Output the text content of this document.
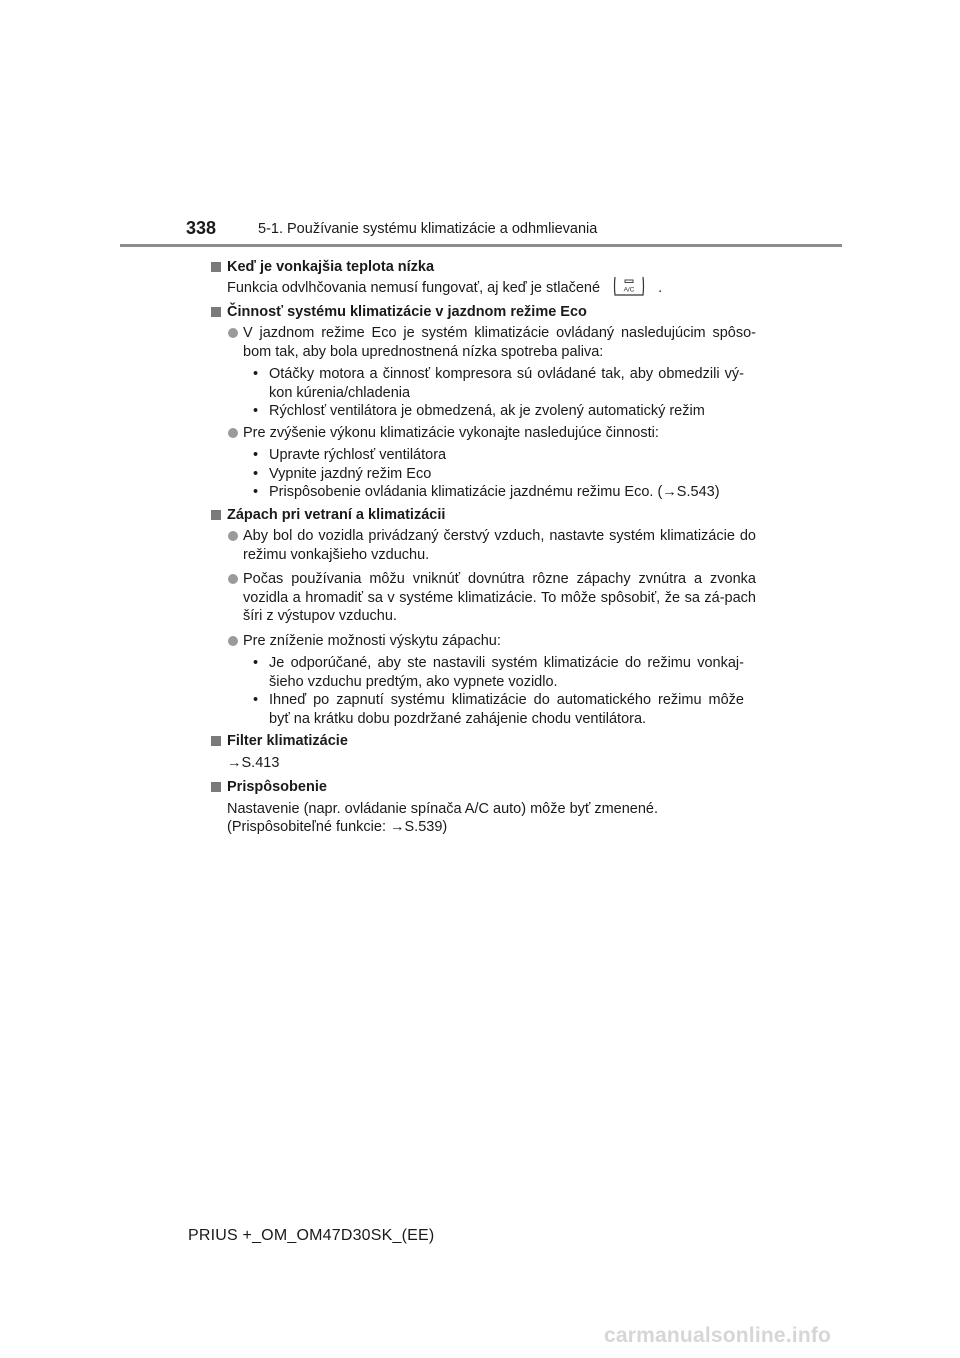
338	5-1. Používanie systému klimatizácie a odhmlievania
Keď je vonkajšia teplota nízka
Funkcia odvlhčovania nemusí fungovať, aj keď je stlačené	A/C .
Činnosť systému klimatizácie v jazdnom režime Eco
V jazdnom režime Eco je systém klimatizácie ovládaný nasledujúcim spôso-bom tak, aby bola uprednostnená nízka spotreba paliva:
• Otáčky motora a činnosť kompresora sú ovládané tak, aby obmedzili vý-kon kúrenia/chladenia
• Rýchlosť ventilátora je obmedzená, ak je zvolený automatický režim
Pre zvýšenie výkonu klimatizácie vykonajte nasledujúce činnosti:
• Upravte rýchlosť ventilátora
• Vypnite jazdný režim Eco
• Prispôsobenie ovládania klimatizácie jazdnému režimu Eco. (→S.543)
Zápach pri vetraní a klimatizácii
Aby bol do vozidla privádzaný čerstvý vzduch, nastavte systém klimatizácie do režimu vonkajšieho vzduchu.
Počas používania môžu vniknúť dovnútra rôzne zápachy zvnútra a zvonka vozidla a hromadiť sa v systéme klimatizácie. To môže spôsobiť, že sa zá-pach šíri z výstupov vzduchu.
Pre zníženie možnosti výskytu zápachu:
• Je odporúčané, aby ste nastavili systém klimatizácie do režimu vonkaj-šieho vzduchu predtým, ako vypnete vozidlo.
• Ihneď po zapnutí systému klimatizácie do automatického režimu môže byť na krátku dobu pozdržané zahájenie chodu ventilátora.
Filter klimatizácie
→S.413
Prispôsobenie
Nastavenie (napr. ovládanie spínača A/C auto) môže byť zmenené.
(Prispôsobiteľné funkcie: →S.539)
PRIUS +_OM_OM47D30SK_(EE)
carmanualsonline.info
